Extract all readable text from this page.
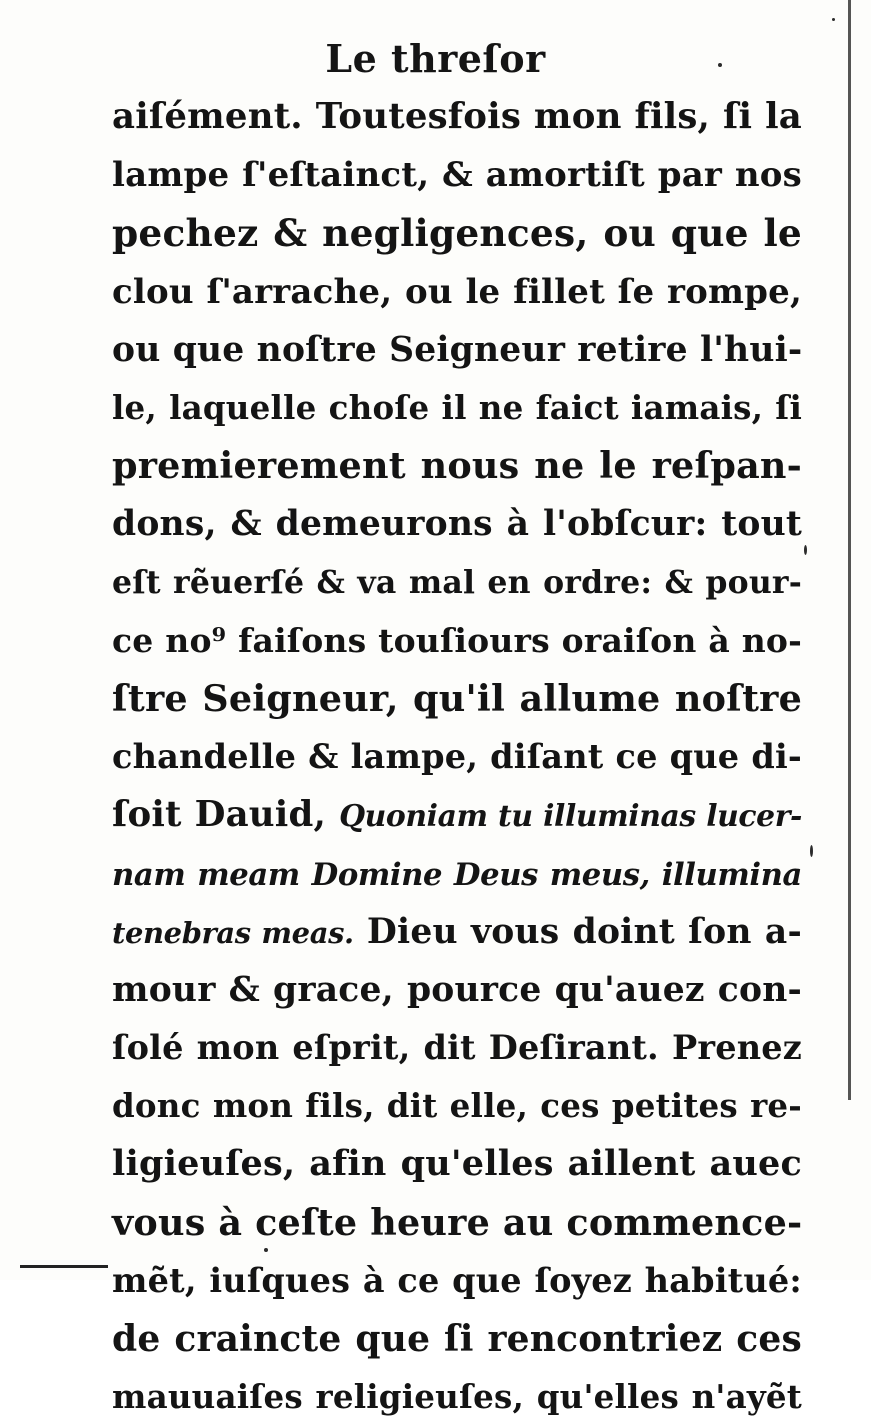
Le threſor
aiſément. Toutesfois mon fils, ſi la
lampe ſ'eſtainct, & amortiſt par nos
pechez & negligences, ou que le
clou ſ'arrache, ou le fillet ſe rompe,
ou que noſtre Seigneur retire l'hui-
le, laquelle choſe il ne faict iamais, ſi
premierement nous ne le reſpan-
dons, & demeurons à l'obſcur: tout
eſt rẽuerſé & va mal en ordre: & pour-
ce no⁹ faiſons touſiours oraiſon à no-
ſtre Seigneur, qu'il allume noſtre
chandelle & lampe, diſant ce que di-
ſoit Dauid, Quoniam tu illuminas lucer-
nam meam Domine Deus meus, illumina
tenebras meas. Dieu vous doint ſon a-
mour & grace, pource qu'auez con-
ſolé mon eſprit, dit Deſirant. Prenez
donc mon fils, dit elle, ces petites re-
ligieuſes, afin qu'elles aillent auec
vous à ceſte heure au commence-
mẽt, iuſques à ce que ſoyez habitué:
de craincte que ſi rencontriez ces
mauuaiſes religieuſes, qu'elles n'ayẽt
